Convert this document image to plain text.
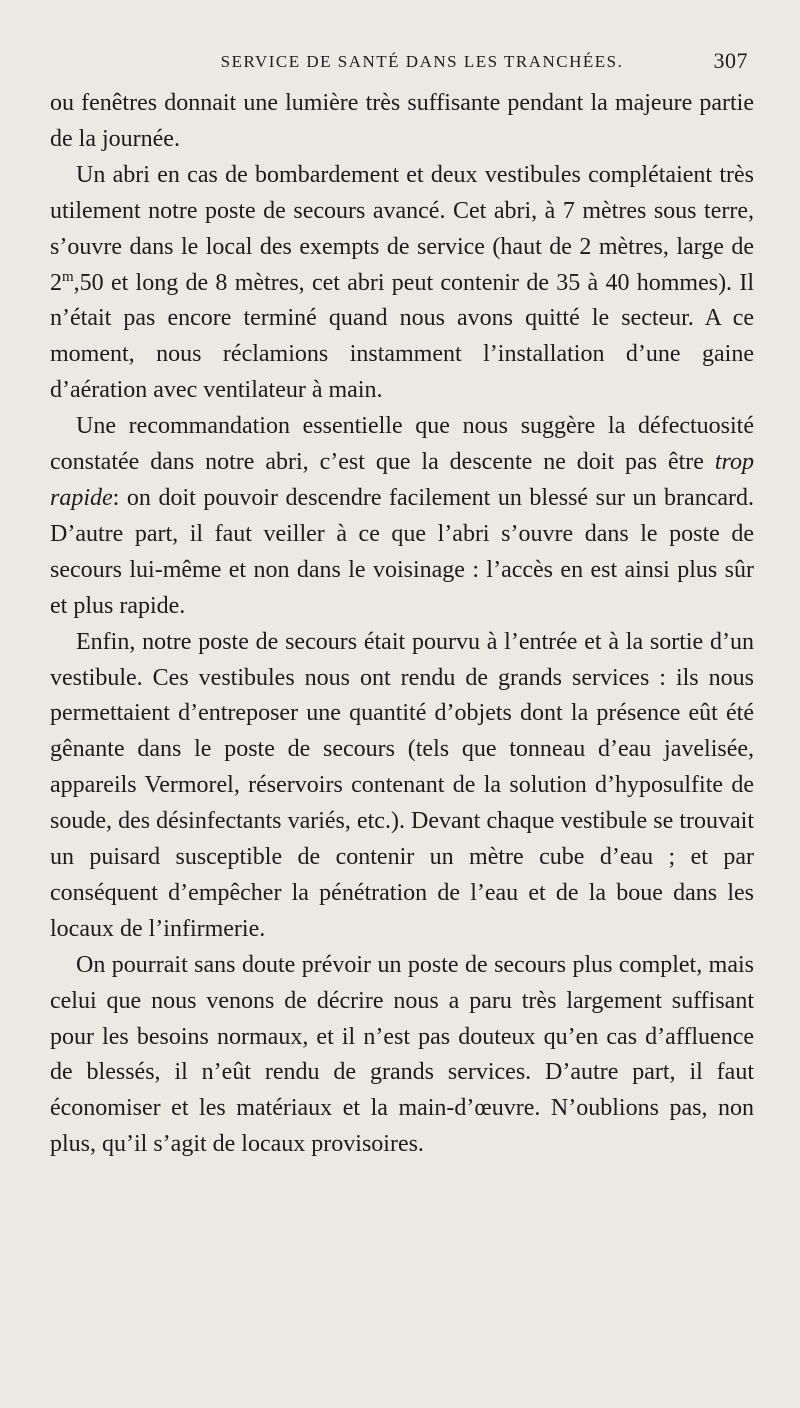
SERVICE DE SANTÉ DANS LES TRANCHÉES.	307

ou fenêtres donnait une lumière très suffisante pendant la majeure partie de la journée.

Un abri en cas de bombardement et deux vestibules complétaient très utilement notre poste de secours avancé. Cet abri, à 7 mètres sous terre, s’ouvre dans le local des exempts de service (haut de 2 mètres, large de 2$^m$,50 et long de 8 mètres, cet abri peut contenir de 35 à 40 hommes). Il n’était pas encore terminé quand nous avons quitté le secteur. A ce moment, nous réclamions instamment l’installation d’une gaine d’aération avec ventilateur à main.

Une recommandation essentielle que nous suggère la défectuosité constatée dans notre abri, c’est que la descente ne doit pas être trop rapide: on doit pouvoir descendre facilement un blessé sur un brancard. D’autre part, il faut veiller à ce que l’abri s’ouvre dans le poste de secours lui-même et non dans le voisinage : l’accès en est ainsi plus sûr et plus rapide.

Enfin, notre poste de secours était pourvu à l’entrée et à la sortie d’un vestibule. Ces vestibules nous ont rendu de grands services : ils nous permettaient d’entreposer une quantité d’objets dont la présence eût été gênante dans le poste de secours (tels que tonneau d’eau javelisée, appareils Vermorel, réservoirs contenant de la solution d’hyposulfite de soude, des désinfectants variés, etc.). Devant chaque vestibule se trouvait un puisard susceptible de contenir un mètre cube d’eau ; et par conséquent d’empêcher la pénétration de l’eau et de la boue dans les locaux de l’infirmerie.

On pourrait sans doute prévoir un poste de secours plus complet, mais celui que nous venons de décrire nous a paru très largement suffisant pour les besoins normaux, et il n’est pas douteux qu’en cas d’affluence de blessés, il n’eût rendu de grands services. D’autre part, il faut économiser et les matériaux et la main-d’œuvre. N’oublions pas, non plus, qu’il s’agit de locaux provisoires.
